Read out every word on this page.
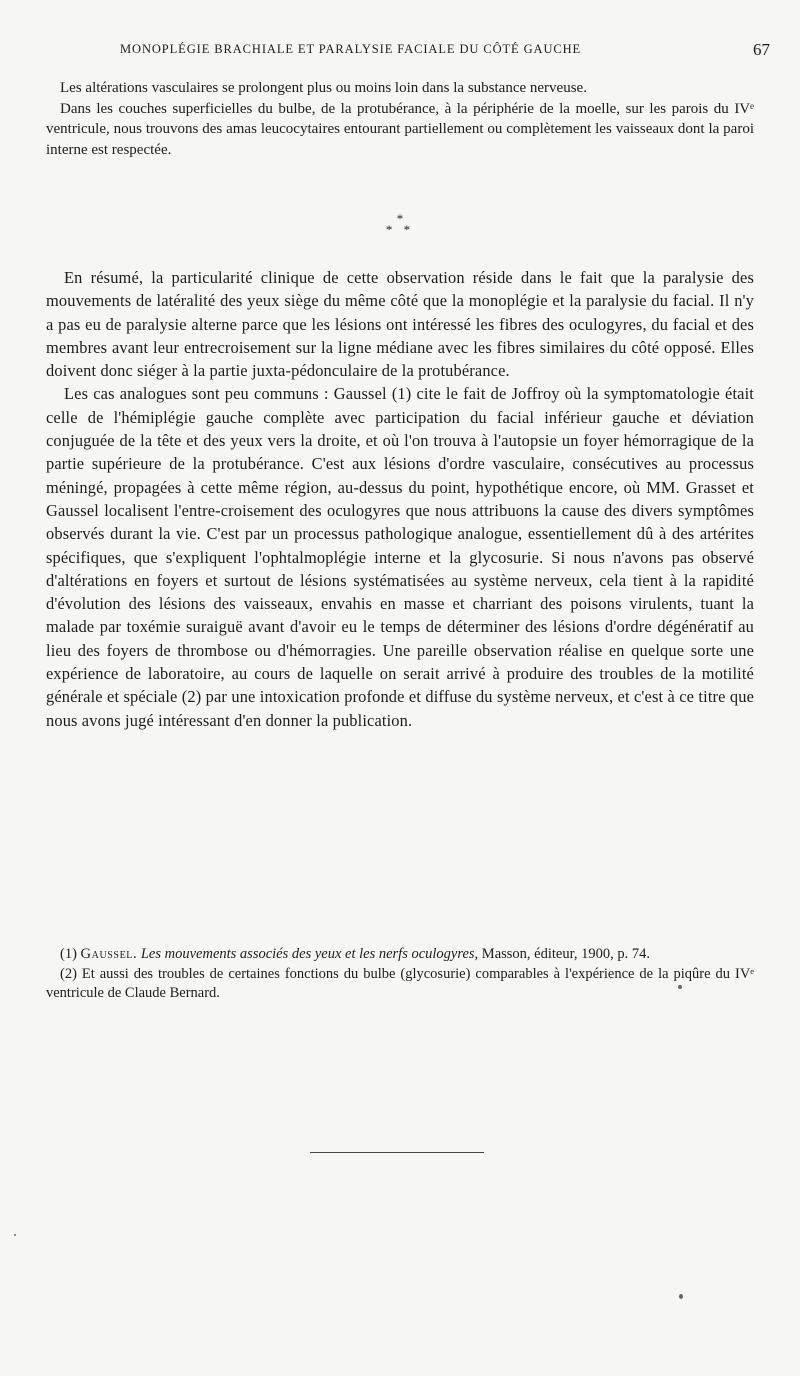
MONOPLÉGIE BRACHIALE ET PARALYSIE FACIALE DU CÔTÉ GAUCHE	67

Les altérations vasculaires se prolongent plus ou moins loin dans la substance nerveuse.

Dans les couches superficielles du bulbe, de la protubérance, à la périphérie de la moelle, sur les parois du IVᵉ ventricule, nous trouvons des amas leucocytaires entourant partiellement ou complètement les vaisseaux dont la paroi interne est respectée.

*
* *

En résumé, la particularité clinique de cette observation réside dans le fait que la paralysie des mouvements de latéralité des yeux siège du même côté que la monoplégie et la paralysie du facial. Il n'y a pas eu de paralysie alterne parce que les lésions ont intéressé les fibres des oculogyres, du facial et des membres avant leur entrecroisement sur la ligne médiane avec les fibres similaires du côté opposé. Elles doivent donc siéger à la partie juxta-pédonculaire de la protubérance.

Les cas analogues sont peu communs : Gaussel (1) cite le fait de Joffroy où la symptomatologie était celle de l'hémiplégie gauche complète avec participation du facial inférieur gauche et déviation conjuguée de la tête et des yeux vers la droite, et où l'on trouva à l'autopsie un foyer hémorragique de la partie supérieure de la protubérance. C'est aux lésions d'ordre vasculaire, consécutives au processus méningé, propagées à cette même région, au-dessus du point, hypothétique encore, où MM. Grasset et Gaussel localisent l'entre-croisement des oculogyres que nous attribuons la cause des divers symptômes observés durant la vie. C'est par un processus pathologique analogue, essentiellement dû à des artérites spécifiques, que s'expliquent l'ophtalmoplégie interne et la glycosurie. Si nous n'avons pas observé d'altérations en foyers et surtout de lésions systématisées au système nerveux, cela tient à la rapidité d'évolution des lésions des vaisseaux, envahis en masse et charriant des poisons virulents, tuant la malade par toxémie suraiguë avant d'avoir eu le temps de déterminer des lésions d'ordre dégénératif au lieu des foyers de thrombose ou d'hémorragies. Une pareille observation réalise en quelque sorte une expérience de laboratoire, au cours de laquelle on serait arrivé à produire des troubles de la motilité générale et spéciale (2) par une intoxication profonde et diffuse du système nerveux, et c'est à ce titre que nous avons jugé intéressant d'en donner la publication.

(1) Gaussel. Les mouvements associés des yeux et les nerfs oculogyres, Masson, éditeur, 1900, p. 74.

(2) Et aussi des troubles de certaines fonctions du bulbe (glycosurie) comparables à l'expérience de la piqûre du IVᵉ ventricule de Claude Bernard.
